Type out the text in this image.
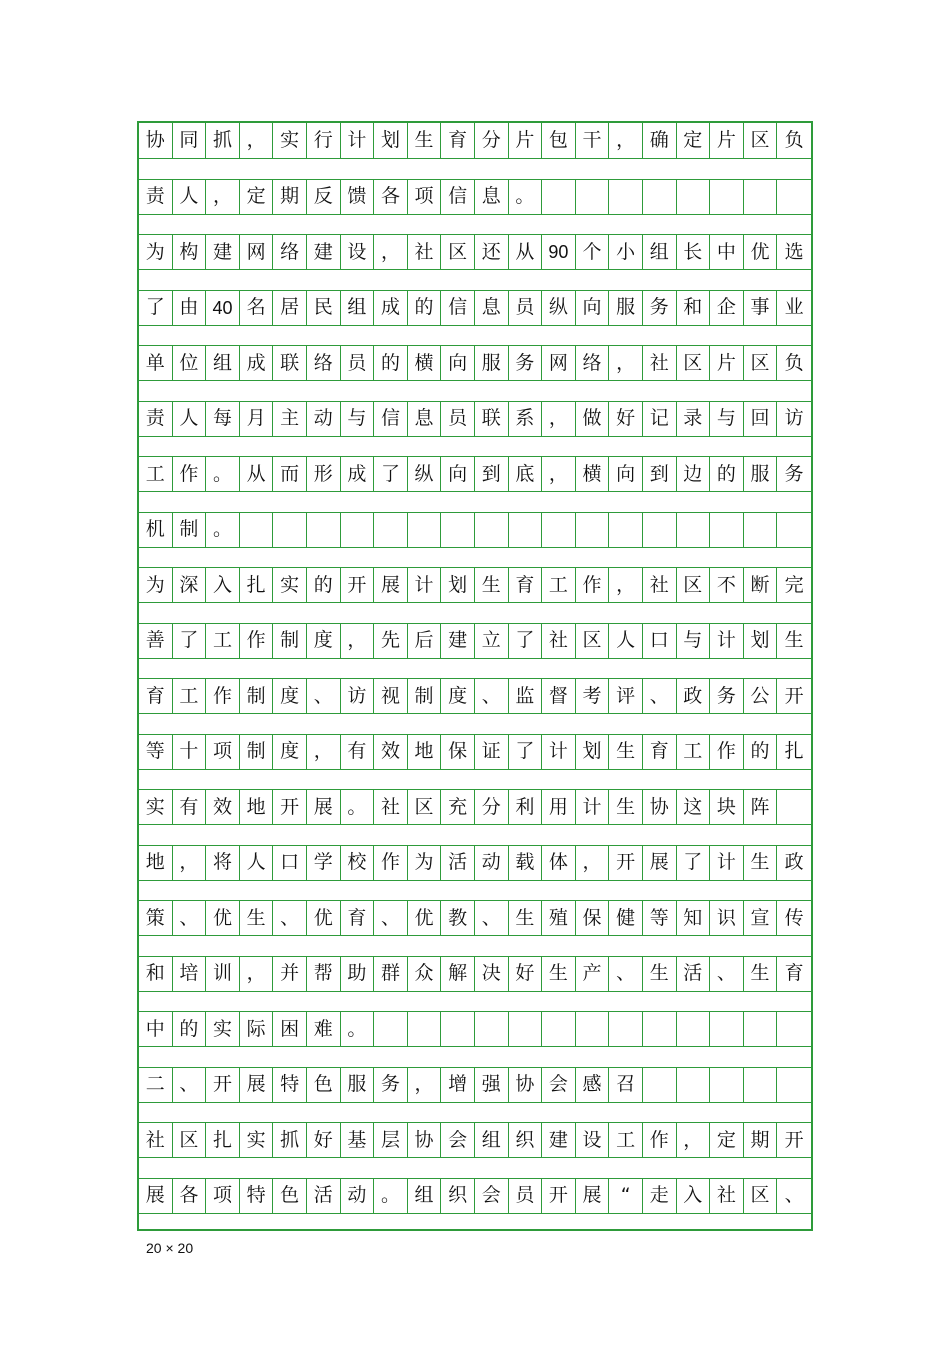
协 同 抓 ， 实 行 计 划 生 育 分 片 包 干 ， 确 定 片 区 负
责 人 ， 定 期 反 馈 各 项 信 息 。
为 构 建 网 络 建 设 ， 社 区 还 从 90 个 小 组 长 中 优 选
了 由 40 名 居 民 组 成 的 信 息 员 纵 向 服 务 和 企 事 业
单 位 组 成 联 络 员 的 横 向 服 务 网 络 ， 社 区 片 区 负
责 人 每 月 主 动 与 信 息 员 联 系 ， 做 好 记 录 与 回 访
工 作 。 从 而 形 成 了 纵 向 到 底 ， 横 向 到 边 的 服 务
机 制 。
为 深 入 扎 实 的 开 展 计 划 生 育 工 作 ， 社 区 不 断 完
善 了 工 作 制 度 ， 先 后 建 立 了 社 区 人 口 与 计 划 生
育 工 作 制 度 、 访 视 制 度 、 监 督 考 评 、 政 务 公 开
等 十 项 制 度 ， 有 效 地 保 证 了 计 划 生 育 工 作 的 扎
实 有 效 地 开 展 。 社 区 充 分 利 用 计 生 协 这 块 阵
地 ， 将 人 口 学 校 作 为 活 动 载 体 ， 开 展 了 计 生 政
策 、 优 生 、 优 育 、 优 教 、 生 殖 保 健 等 知 识 宣 传
和 培 训 ， 并 帮 助 群 众 解 决 好 生 产 、 生 活 、 生 育
中 的 实 际 困 难 。
二 、 开 展 特 色 服 务 ， 增 强 协 会 感 召
社 区 扎 实 抓 好 基 层 协 会 组 织 建 设 工 作 ， 定 期 开
展 各 项 特 色 活 动 。 组 织 会 员 开 展	“	走 入 社 区 、
20 × 20
